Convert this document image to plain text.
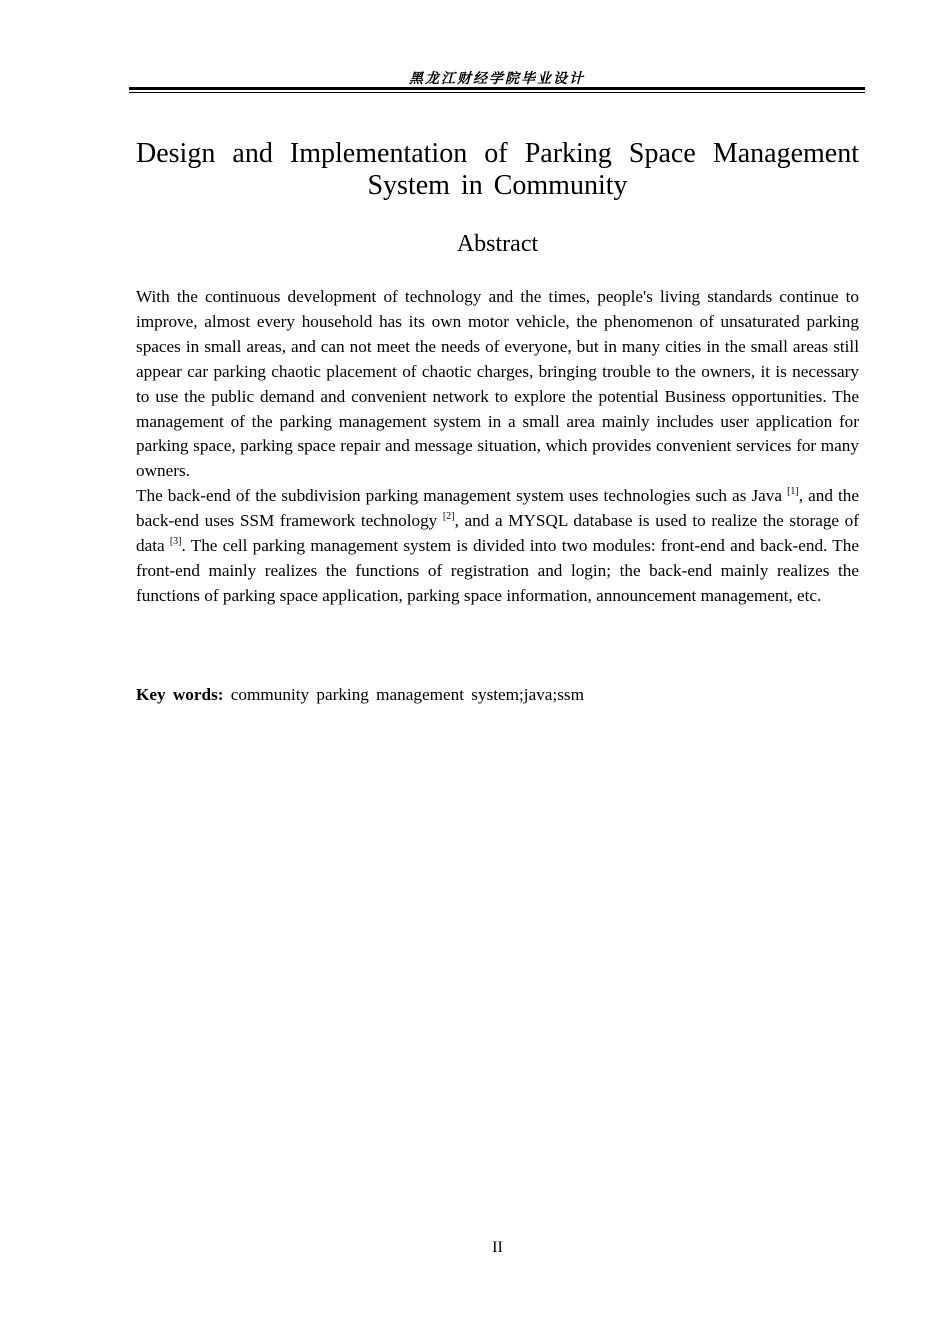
黑龙江财经学院毕业设计
Design and Implementation of Parking Space Management System in Community
Abstract

With the continuous development of technology and the times, people's living standards continue to improve, almost every household has its own motor vehicle, the phenomenon of unsaturated parking spaces in small areas, and can not meet the needs of everyone, but in many cities in the small areas still appear car parking chaotic placement of chaotic charges, bringing trouble to the owners, it is necessary to use the public demand and convenient network to explore the potential Business opportunities. The management of the parking management system in a small area mainly includes user application for parking space, parking space repair and message situation, which provides convenient services for many owners.

The back-end of the subdivision parking management system uses technologies such as Java [1], and the back-end uses SSM framework technology [2], and a MYSQL database is used to realize the storage of data [3]. The cell parking management system is divided into two modules: front-end and back-end. The front-end mainly realizes the functions of registration and login; the back-end mainly realizes the functions of parking space application, parking space information, announcement management, etc.

Key words: community parking management system;java;ssm
II
